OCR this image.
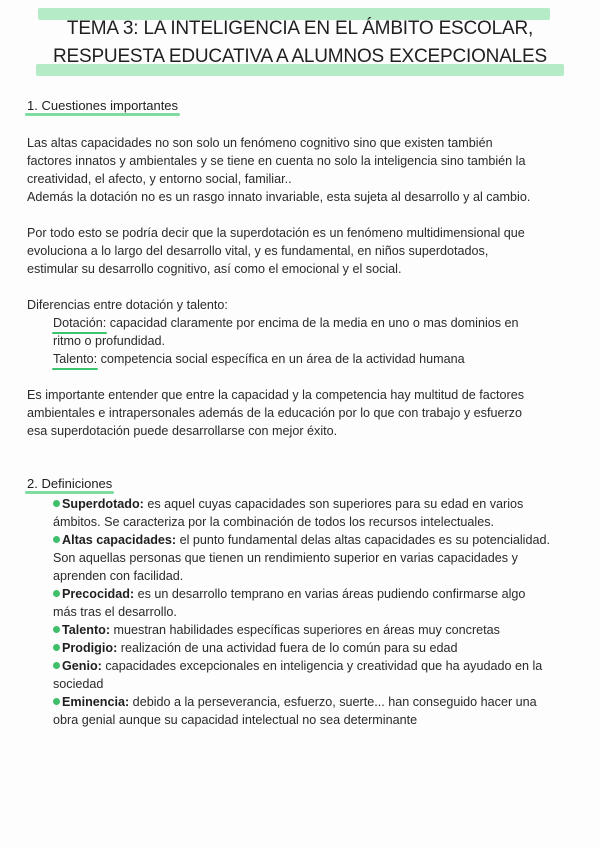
TEMA 3: LA INTELIGENCIA EN EL ÁMBITO ESCOLAR,
RESPUESTA EDUCATIVA A ALUMNOS EXCEPCIONALES
1. Cuestiones importantes

Las altas capacidades no son solo un fenómeno cognitivo sino que existen también

factores innatos y ambientales y se tiene en cuenta no solo la inteligencia sino también la

creatividad, el afecto, y entorno social, familiar..

Además la dotación no es un rasgo innato invariable, esta sujeta al desarrollo y al cambio.

Por todo esto se podría decir que la superdotación es un fenómeno multidimensional que

evoluciona a lo largo del desarrollo vital, y es fundamental, en niños superdotados,

estimular su desarrollo cognitivo, así como el emocional y el social.

Diferencias entre dotación y talento:

Dotación:
capacidad claramente por encima de la media en uno o mas dominios en
ritmo o profundidad.
Talento:
competencia social específica en un área de la actividad humana

Es importante entender que entre la capacidad y la competencia hay multitud de factores

ambientales e intrapersonales además de la educación por lo que con trabajo y esfuerzo

esa superdotación puede desarrollarse con mejor éxito.

2. Definiciones

Superdotado: es aquel cuyas capacidades son superiores para su edad en varios

ámbitos. Se caracteriza por la combinación de todos los recursos intelectuales.

Altas capacidades: el punto fundamental delas altas capacidades es su potencialidad.

Son aquellas personas que tienen un rendimiento superior en varias capacidades y

aprenden con facilidad.

Precocidad: es un desarrollo temprano en varias áreas pudiendo confirmarse algo

más tras el desarrollo.

Talento: muestran habilidades específicas superiores en áreas muy concretas

Prodigio: realización de una actividad fuera de lo común para su edad

Genio: capacidades excepcionales en inteligencia y creatividad que ha ayudado en la

sociedad

Eminencia: debido a la perseverancia, esfuerzo, suerte... han conseguido hacer una

obra genial aunque su capacidad intelectual no sea determinante
